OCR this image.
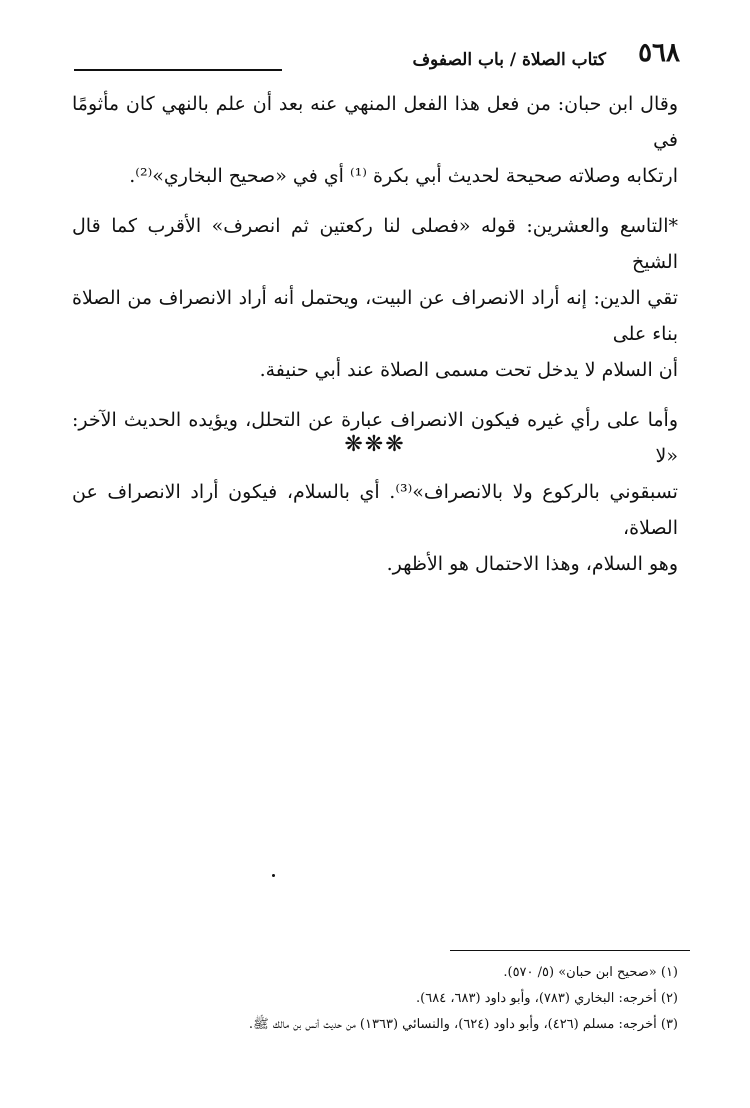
٥٦٨
كتاب الصلاة / باب الصفوف

وقال ابن حبان: من فعل هذا الفعل المنهي عنه بعد أن علم بالنهي كان مأثومًا في

ارتكابه وصلاته صحيحة لحديث أبي بكرة ⁽¹⁾ أي في «صحيح البخاري»⁽²⁾.

*التاسع والعشرين: قوله «فصلى لنا ركعتين ثم انصرف» الأقرب كما قال الشيخ

تقي الدين: إنه أراد الانصراف عن البيت، ويحتمل أنه أراد الانصراف من الصلاة بناء على

أن السلام لا يدخل تحت مسمى الصلاة عند أبي حنيفة.

وأما على رأي غيره فيكون الانصراف عبارة عن التحلل، ويؤيده الحديث الآخر: «لا

تسبقوني بالركوع ولا بالانصراف»⁽³⁾. أي بالسلام، فيكون أراد الانصراف عن الصلاة،

وهو السلام، وهذا الاحتمال هو الأظهر.

❋❋❋
(١) «صحيح ابن حبان» (٥/ ٥٧٠).
(٢) أخرجه: البخاري (٧٨٣)، وأبو داود (٦٨٣، ٦٨٤).
(٣) أخرجه: مسلم (٤٢٦)، وأبو داود (٦٢٤)، والنسائي (١٣٦٣) من حديث أنس بن مالك ﷺ.
